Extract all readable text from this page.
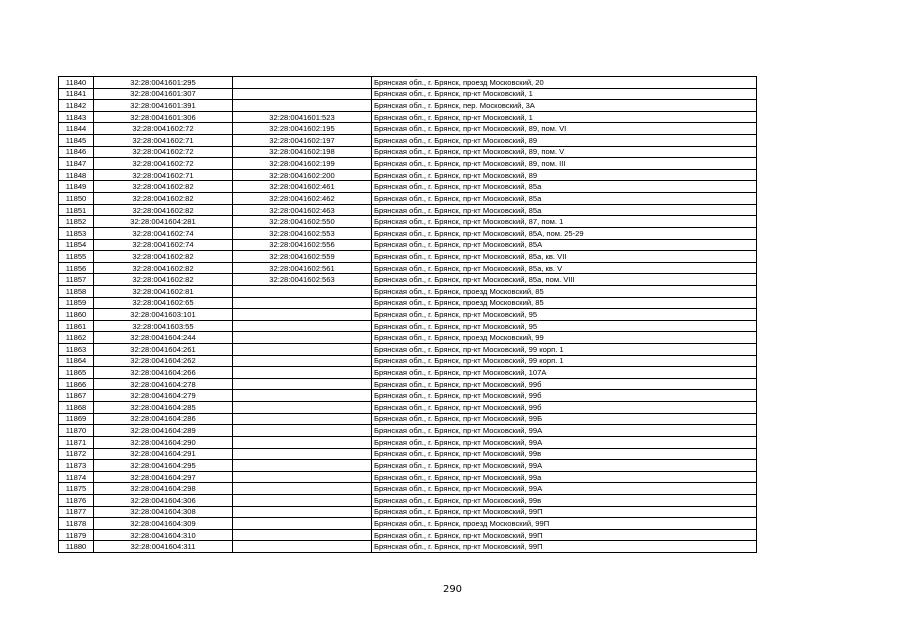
11840	32:28:0041601:295		Брянская обл., г. Брянск, проезд Московский, 20
11841	32:28:0041601:307		Брянская обл., г. Брянск, пр-кт Московский, 1
11842	32:28:0041601:391		Брянская обл., г. Брянск, пер. Московский, 3А
11843	32:28:0041601:306	32:28:0041601:523	Брянская обл., г. Брянск, пр-кт Московский, 1
11844	32:28:0041602:72	32:28:0041602:195	Брянская обл., г. Брянск, пр-кт Московский, 89, пом. VI
11845	32:28:0041602:71	32:28:0041602:197	Брянская обл., г. Брянск, пр-кт Московский, 89
11846	32:28:0041602:72	32:28:0041602:198	Брянская обл., г. Брянск, пр-кт Московский, 89, пом. V
11847	32:28:0041602:72	32:28:0041602:199	Брянская обл., г. Брянск, пр-кт Московский, 89, пом. III
11848	32:28:0041602:71	32:28:0041602:200	Брянская обл., г. Брянск, пр-кт Московский, 89
11849	32:28:0041602:82	32:28:0041602:461	Брянская обл., г. Брянск, пр-кт Московский, 85а
11850	32:28:0041602:82	32:28:0041602:462	Брянская обл., г. Брянск, пр-кт Московский, 85а
11851	32:28:0041602:82	32:28:0041602:463	Брянская обл., г. Брянск, пр-кт Московский, 85а
11852	32:28:0041604:281	32:28:0041602:550	Брянская обл., г. Брянск, пр-кт Московский, 87, пом. 1
11853	32:28:0041602:74	32:28:0041602:553	Брянская обл., г. Брянск, пр-кт Московский, 85А, пом. 25-29
11854	32:28:0041602:74	32:28:0041602:556	Брянская обл., г. Брянск, пр-кт Московский, 85А
11855	32:28:0041602:82	32:28:0041602:559	Брянская обл., г. Брянск, пр-кт Московский, 85а, кв. VII
11856	32:28:0041602:82	32:28:0041602:561	Брянская обл., г. Брянск, пр-кт Московский, 85а, кв. V
11857	32:28:0041602:82	32:28:0041602:563	Брянская обл., г. Брянск, пр-кт Московский, 85а, пом. VIII
11858	32:28:0041602:81		Брянская обл., г. Брянск, проезд Московский, 85
11859	32:28:0041602:65		Брянская обл., г. Брянск, проезд Московский, 85
11860	32:28:0041603:101		Брянская обл., г. Брянск, пр-кт Московский, 95
11861	32:28:0041603:55		Брянская обл., г. Брянск, пр-кт Московский, 95
11862	32:28:0041604:244		Брянская обл., г. Брянск, проезд Московский, 99
11863	32:28:0041604:261		Брянская обл., г. Брянск, пр-кт Московский, 99 корп. 1
11864	32:28:0041604:262		Брянская обл., г. Брянск, пр-кт Московский, 99 корп. 1
11865	32:28:0041604:266		Брянская обл., г. Брянск, пр-кт Московский, 107А
11866	32:28:0041604:278		Брянская обл., г. Брянск, пр-кт Московский, 99б
11867	32:28:0041604:279		Брянская обл., г. Брянск, пр-кт Московский, 99б
11868	32:28:0041604:285		Брянская обл., г. Брянск, пр-кт Московский, 99б
11869	32:28:0041604:286		Брянская обл., г. Брянск, пр-кт Московский, 99Б
11870	32:28:0041604:289		Брянская обл., г. Брянск, пр-кт Московский, 99А
11871	32:28:0041604:290		Брянская обл., г. Брянск, пр-кт Московский, 99А
11872	32:28:0041604:291		Брянская обл., г. Брянск, пр-кт Московский, 99в
11873	32:28:0041604:295		Брянская обл., г. Брянск, пр-кт Московский, 99А
11874	32:28:0041604:297		Брянская обл., г. Брянск, пр-кт Московский, 99а
11875	32:28:0041604:298		Брянская обл., г. Брянск, пр-кт Московский, 99А
11876	32:28:0041604:306		Брянская обл., г. Брянск, пр-кт Московский, 99в
11877	32:28:0041604:308		Брянская обл., г. Брянск, пр-кт Московский, 99П
11878	32:28:0041604:309		Брянская обл., г. Брянск, проезд Московский, 99П
11879	32:28:0041604:310		Брянская обл., г. Брянск, пр-кт Московский, 99П
11880	32:28:0041604:311		Брянская обл., г. Брянск, пр-кт Московский, 99П
290
